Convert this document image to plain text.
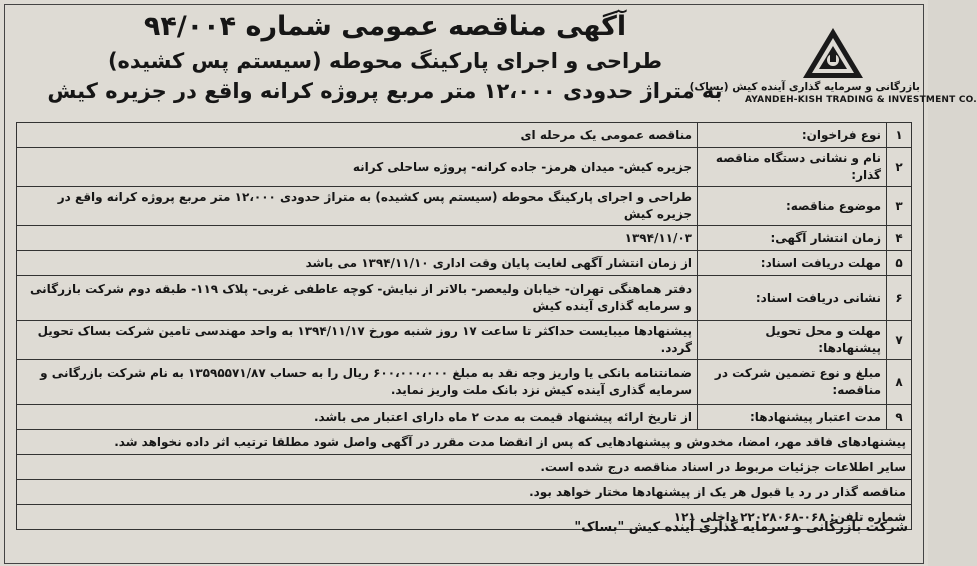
آگهی مناقصه عمومی شماره ۹۴/۰۰۴
طراحی و اجرای پارکینگ محوطه (سیستم پس کشیده)
به متراژ حدودی ۱۲،۰۰۰ متر مربع پروژه کرانه واقع در جزیره کیش
بازرگانی و سرمایه گذاری آینده کیش (بساک)
AYANDEH-KISH TRADING & INVESTMENT CO.
۱	نوع فراخوان:	مناقصه عمومی یک مرحله ای
۲	نام و نشانی دستگاه مناقصه گذار:	جزیره کیش- میدان هرمز- جاده کرانه- پروژه ساحلی کرانه
۳	موضوع مناقصه:	طراحی و اجرای پارکینگ محوطه (سیستم پس کشیده) به متراژ حدودی ۱۲،۰۰۰ متر مربع پروژه کرانه واقع در جزیره کیش
۴	زمان انتشار آگهی:	۱۳۹۴/۱۱/۰۳
۵	مهلت دریافت اسناد:	از زمان انتشار آگهی لغایت پایان وقت اداری ۱۳۹۴/۱۱/۱۰ می باشد
۶	نشانی دریافت اسناد:	دفتر هماهنگی تهران- خیابان ولیعصر- بالاتر از نیایش- کوچه عاطفی غربی- پلاک ۱۱۹- طبقه دوم شرکت بازرگانی و سرمایه گذاری آینده کیش
۷	مهلت و محل تحویل پیشنهادها:	پیشنهادها میبایست حداکثر تا ساعت ۱۷ روز شنبه مورخ ۱۳۹۴/۱۱/۱۷ به واحد مهندسی تامین شرکت بساک تحویل گردد.
۸	مبلغ و نوع تضمین شرکت در مناقصه:	ضمانتنامه بانکی یا واریز وجه نقد به مبلغ ۶۰۰،۰۰۰،۰۰۰ ریال را به حساب ۱۳۵۹۵۵۷۱/۸۷ به نام شرکت بازرگانی و سرمایه گذاری آینده کیش نزد بانک ملت واریز نماید.
۹	مدت اعتبار پیشنهادها:	از تاریخ ارائه پیشنهاد قیمت به مدت ۲ ماه دارای اعتبار می باشد.
پیشنهادهای فاقد مهر، امضا، مخدوش و پیشنهادهایی که پس از انقضا مدت مقرر در آگهی واصل شود مطلقا ترتیب اثر داده نخواهد شد.		
سایر اطلاعات جزئیات مربوط در اسناد مناقصه درج شده است.		
مناقصه گذار در رد یا قبول هر یک از پیشنهادها مختار خواهد بود.		
شماره تلفن: ۰۶۸-۲۲۰۲۸۰۶۸ داخلی ۱۲۱		
شرکت بازرگانی و سرمایه گذاری آینده کیش "بساک"
